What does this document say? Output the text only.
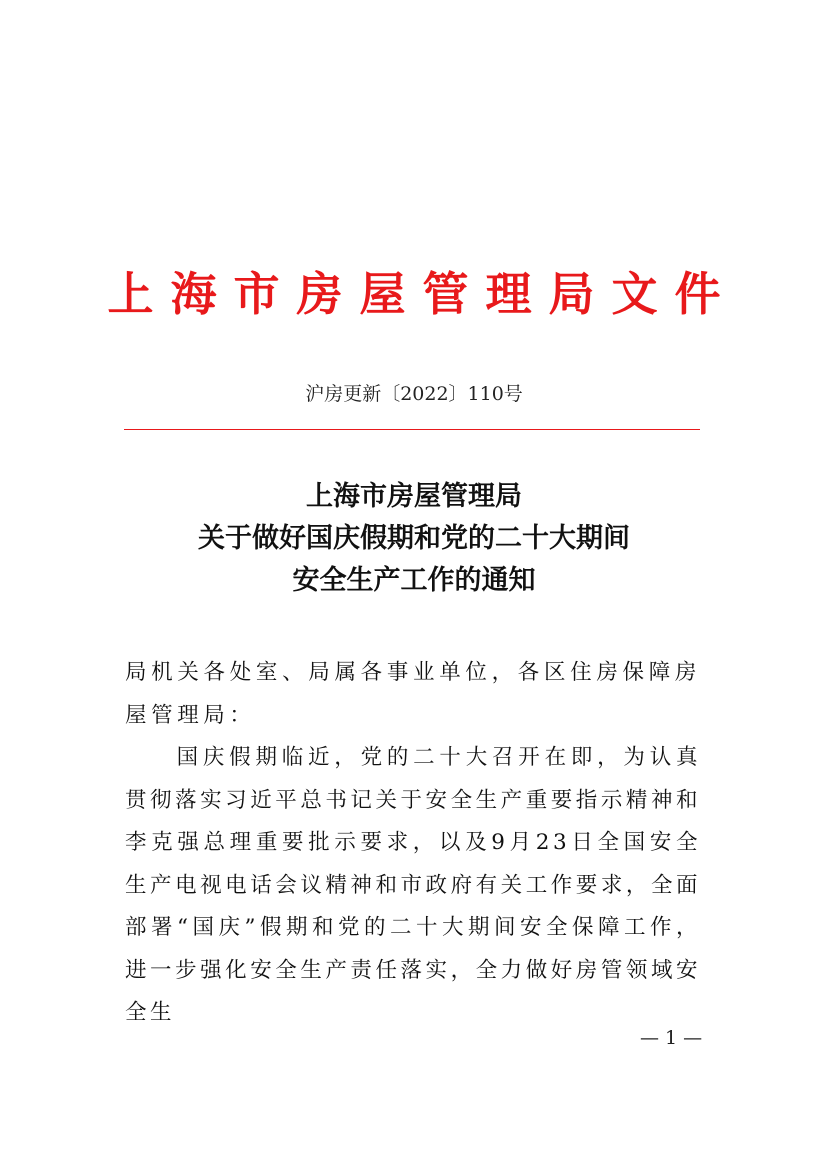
上海市房屋管理局文件
沪房更新〔2022〕110号
上海市房屋管理局
关于做好国庆假期和党的二十大期间
安全生产工作的通知

局机关各处室、局属各事业单位，各区住房保障房屋管理局：

国庆假期临近，党的二十大召开在即，为认真贯彻落实习近平总书记关于安全生产重要指示精神和李克强总理重要批示要求，以及9月23日全国安全生产电视电话会议精神和市政府有关工作要求，全面部署“国庆”假期和党的二十大期间安全保障工作，进一步强化安全生产责任落实，全力做好房管领域安全生

— 1 —
